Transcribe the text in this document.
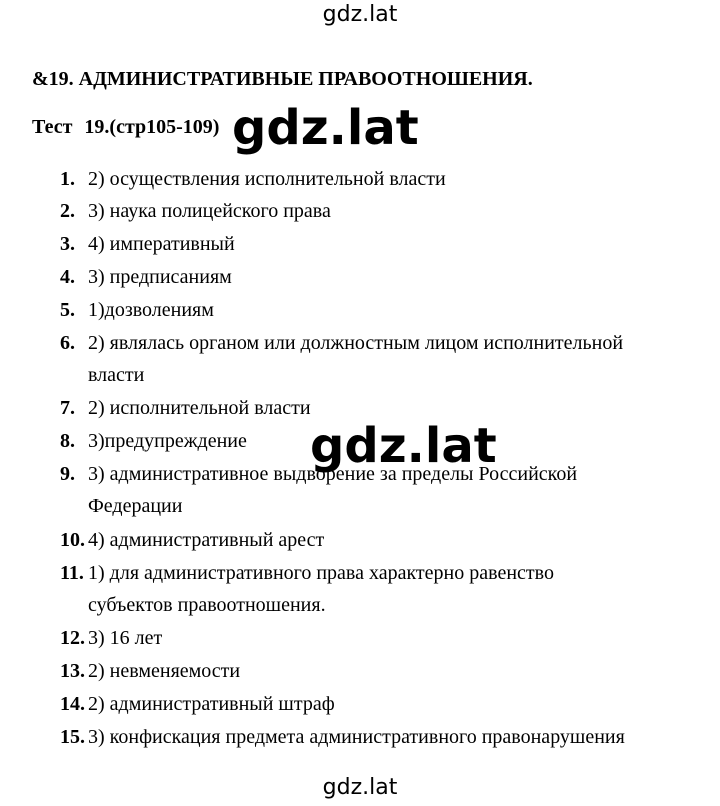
gdz.lat
&19. АДМИНИСТРАТИВНЫЕ ПРАВООТНОШЕНИЯ.
Тест 19.(стр105-109) gdz.lat
1. 2) осуществления исполнительной власти
2. 3) наука полицейского права
3. 4) императивный
4. 3) предписаниям
5. 1)дозволениям
6. 2) являлась органом или должностным лицом исполнительной
власти
7. 2) исполнительной власти
8. 3)предупреждение
9. 3) административное выдворение за пределы Российской
Федерации
10. 4) административный арест
11. 1) для административного права характерно равенство
субъектов правоотношения.
12. 3) 16 лет
13. 2) невменяемости
14. 2) административный штраф
15. 3) конфискация предмета административного правонарушения
gdz.lat
gdz.lat
